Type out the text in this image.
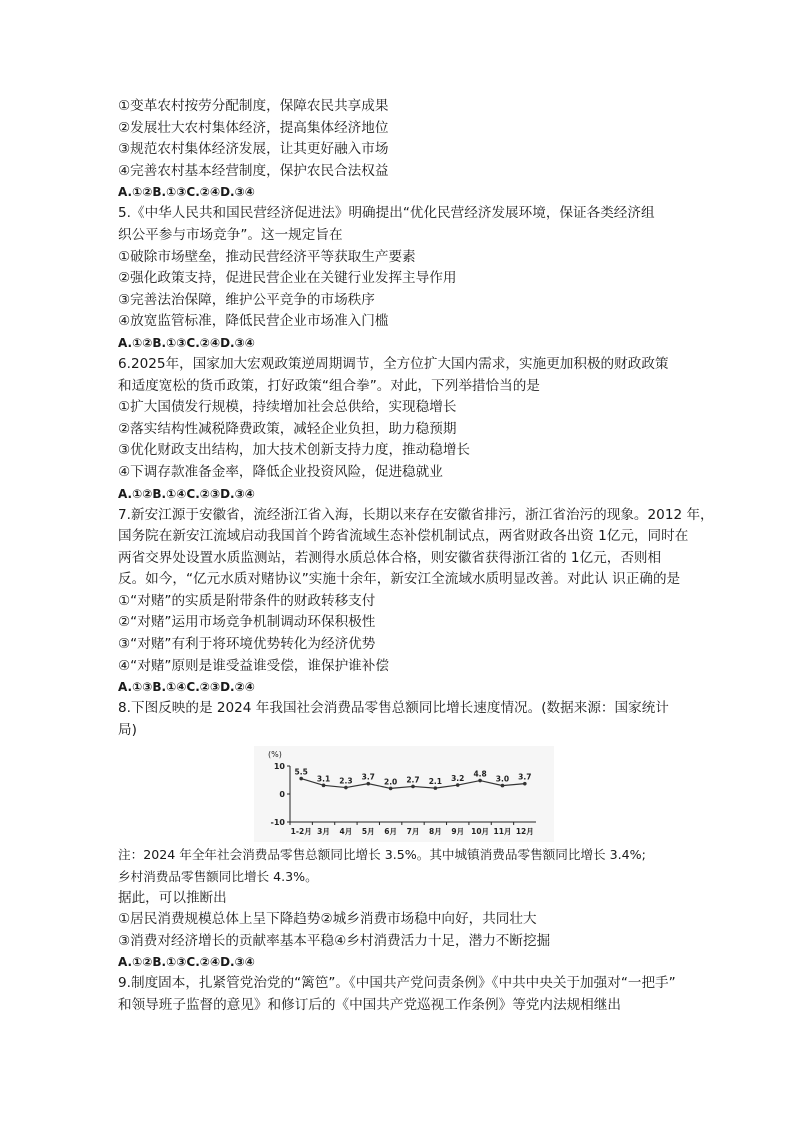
①变革农村按劳分配制度，保障农民共享成果
②发展壮大农村集体经济，提高集体经济地位
③规范农村集体经济发展，让其更好融入市场
④完善农村基本经营制度，保护农民合法权益
A.①②B.①③C.②④D.③④
5.《中华人民共和国民营经济促进法》明确提出“优化民营经济发展环境，保证各类经济组
织公平参与市场竞争”。这一规定旨在
①破除市场壁垒，推动民营经济平等获取生产要素
②强化政策支持，促进民营企业在关键行业发挥主导作用
③完善法治保障，维护公平竞争的市场秩序
④放宽监管标准，降低民营企业市场准入门槛
A.①②B.①③C.②④D.③④
6.2025年，国家加大宏观政策逆周期调节，全方位扩大国内需求，实施更加积极的财政政策
和适度宽松的货币政策，打好政策“组合拳”。对此，下列举措恰当的是
①扩大国债发行规模，持续增加社会总供给，实现稳增长
②落实结构性减税降费政策，减轻企业负担，助力稳预期
③优化财政支出结构，加大技术创新支持力度，推动稳增长
④下调存款准备金率，降低企业投资风险，促进稳就业
A.①②B.①④C.②③D.③④
7.新安江源于安徽省，流经浙江省入海，长期以来存在安徽省排污，浙江省治污的现象。2012 年，
国务院在新安江流域启动我国首个跨省流域生态补偿机制试点，两省财政各出资 1亿元，同时在
两省交界处设置水质监测站，若测得水质总体合格，则安徽省获得浙江省的 1亿元，否则相
反。如今，“亿元水质对赌协议”实施十余年，新安江全流域水质明显改善。对此认 识正确的是
①“对赌”的实质是附带条件的财政转移支付
②“对赌”运用市场竞争机制调动环保积极性
③“对赌”有利于将环境优势转化为经济优势
④“对赌”原则是谁受益谁受偿，谁保护谁补偿
A.①③B.①④C.②③D.②④
8.下图反映的是 2024 年我国社会消费品零售总额同比增长速度情况。(数据来源：国家统计
局)
(%)
10
0
-10
1-2月 3月 4月 5月 6月 7月 8月 9月 10月 11月 12月
5.5
3.1 2.3 3.7
2.0 2.7 2.1 3.2 4.8
3.0 3.7
注：2024 年全年社会消费品零售总额同比增长 3.5%。其中城镇消费品零售额同比增长 3.4%;
乡村消费品零售额同比增长 4.3%。
据此，可以推断出
①居民消费规模总体上呈下降趋势②城乡消费市场稳中向好，共同壮大
③消费对经济增长的贡献率基本平稳④乡村消费活力十足，潜力不断挖掘
A.①②B.①③C.②④D.③④
9.制度固本，扎紧管党治党的“篱笆”。《中国共产党问责条例》《中共中央关于加强对“一把手”
和领导班子监督的意见》和修订后的《中国共产党巡视工作条例》等党内法规相继出
